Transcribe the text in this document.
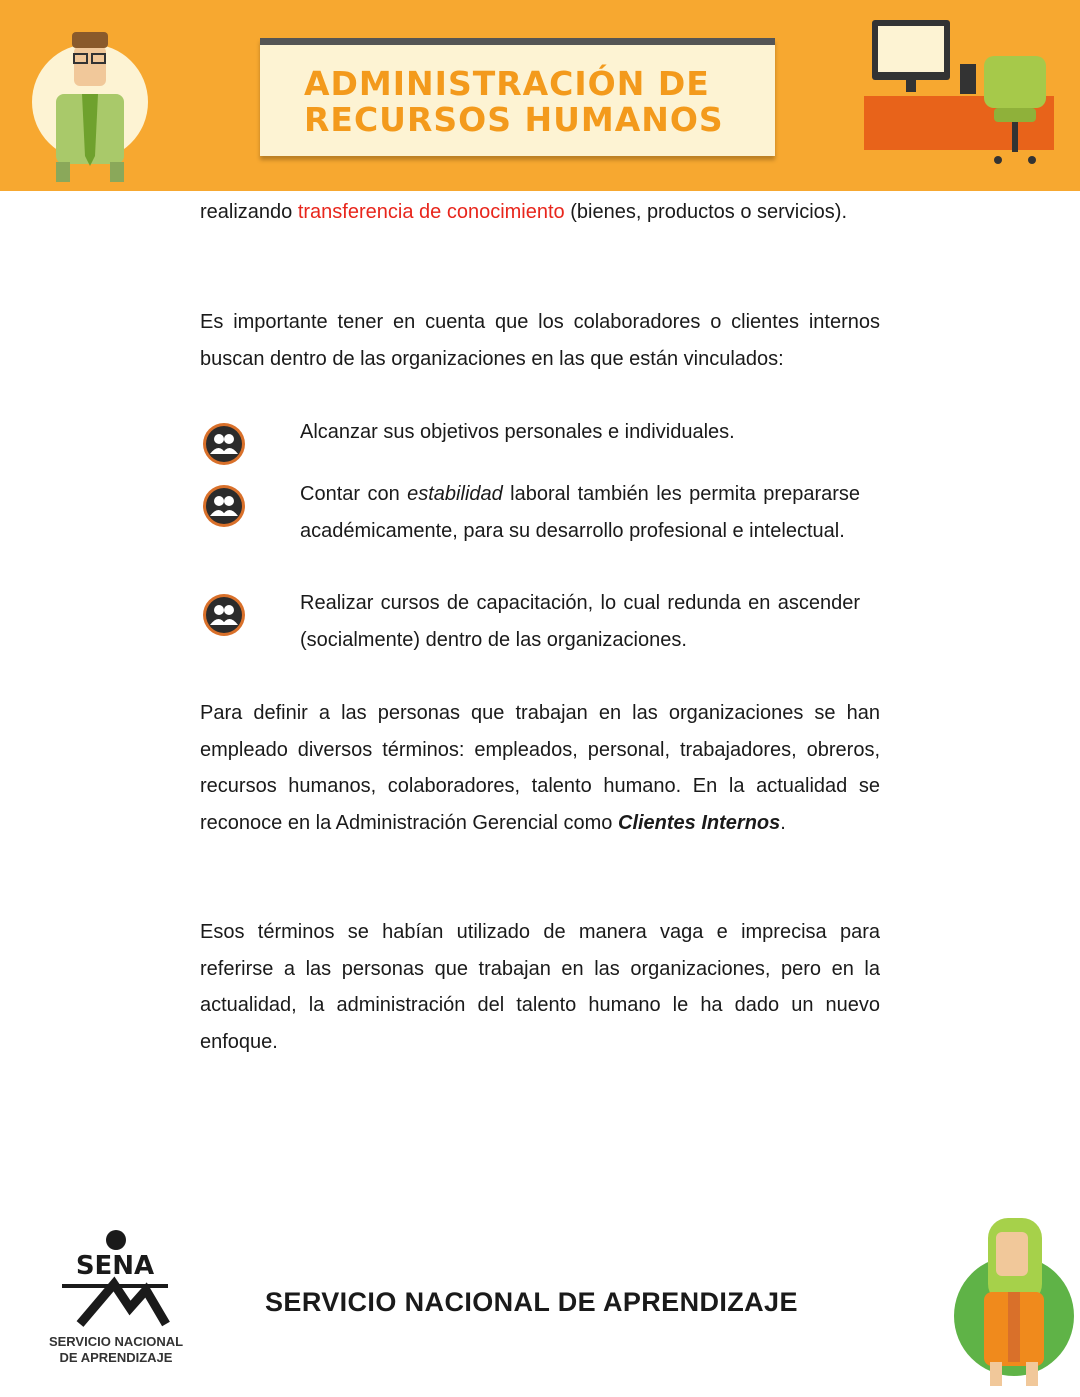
ADMINISTRACIÓN DE
RECURSOS HUMANOS
realizando transferencia de conocimiento (bienes, productos o servicios).
Es importante tener en cuenta que los colaboradores o clientes internos buscan dentro de las organizaciones en las que están vinculados:
Alcanzar sus objetivos personales e individuales.
Contar con estabilidad laboral también les permita prepararse académicamente, para su desarrollo profesional e intelectual.
Realizar cursos de capacitación, lo cual redunda en ascender (socialmente) dentro de las organizaciones.
Para definir a las personas que trabajan en las organizaciones se han empleado diversos términos: empleados, personal, trabajadores, obreros, recursos humanos, colaboradores, talento humano. En la actualidad se reconoce en la Administración Gerencial como Clientes Internos.
Esos términos se habían utilizado de manera vaga e imprecisa para referirse a las personas que trabajan en las organizaciones, pero en la actualidad, la administración del talento humano le ha dado un nuevo enfoque.
SENA
SERVICIO NACIONAL
DE APRENDIZAJE
SERVICIO NACIONAL DE APRENDIZAJE
